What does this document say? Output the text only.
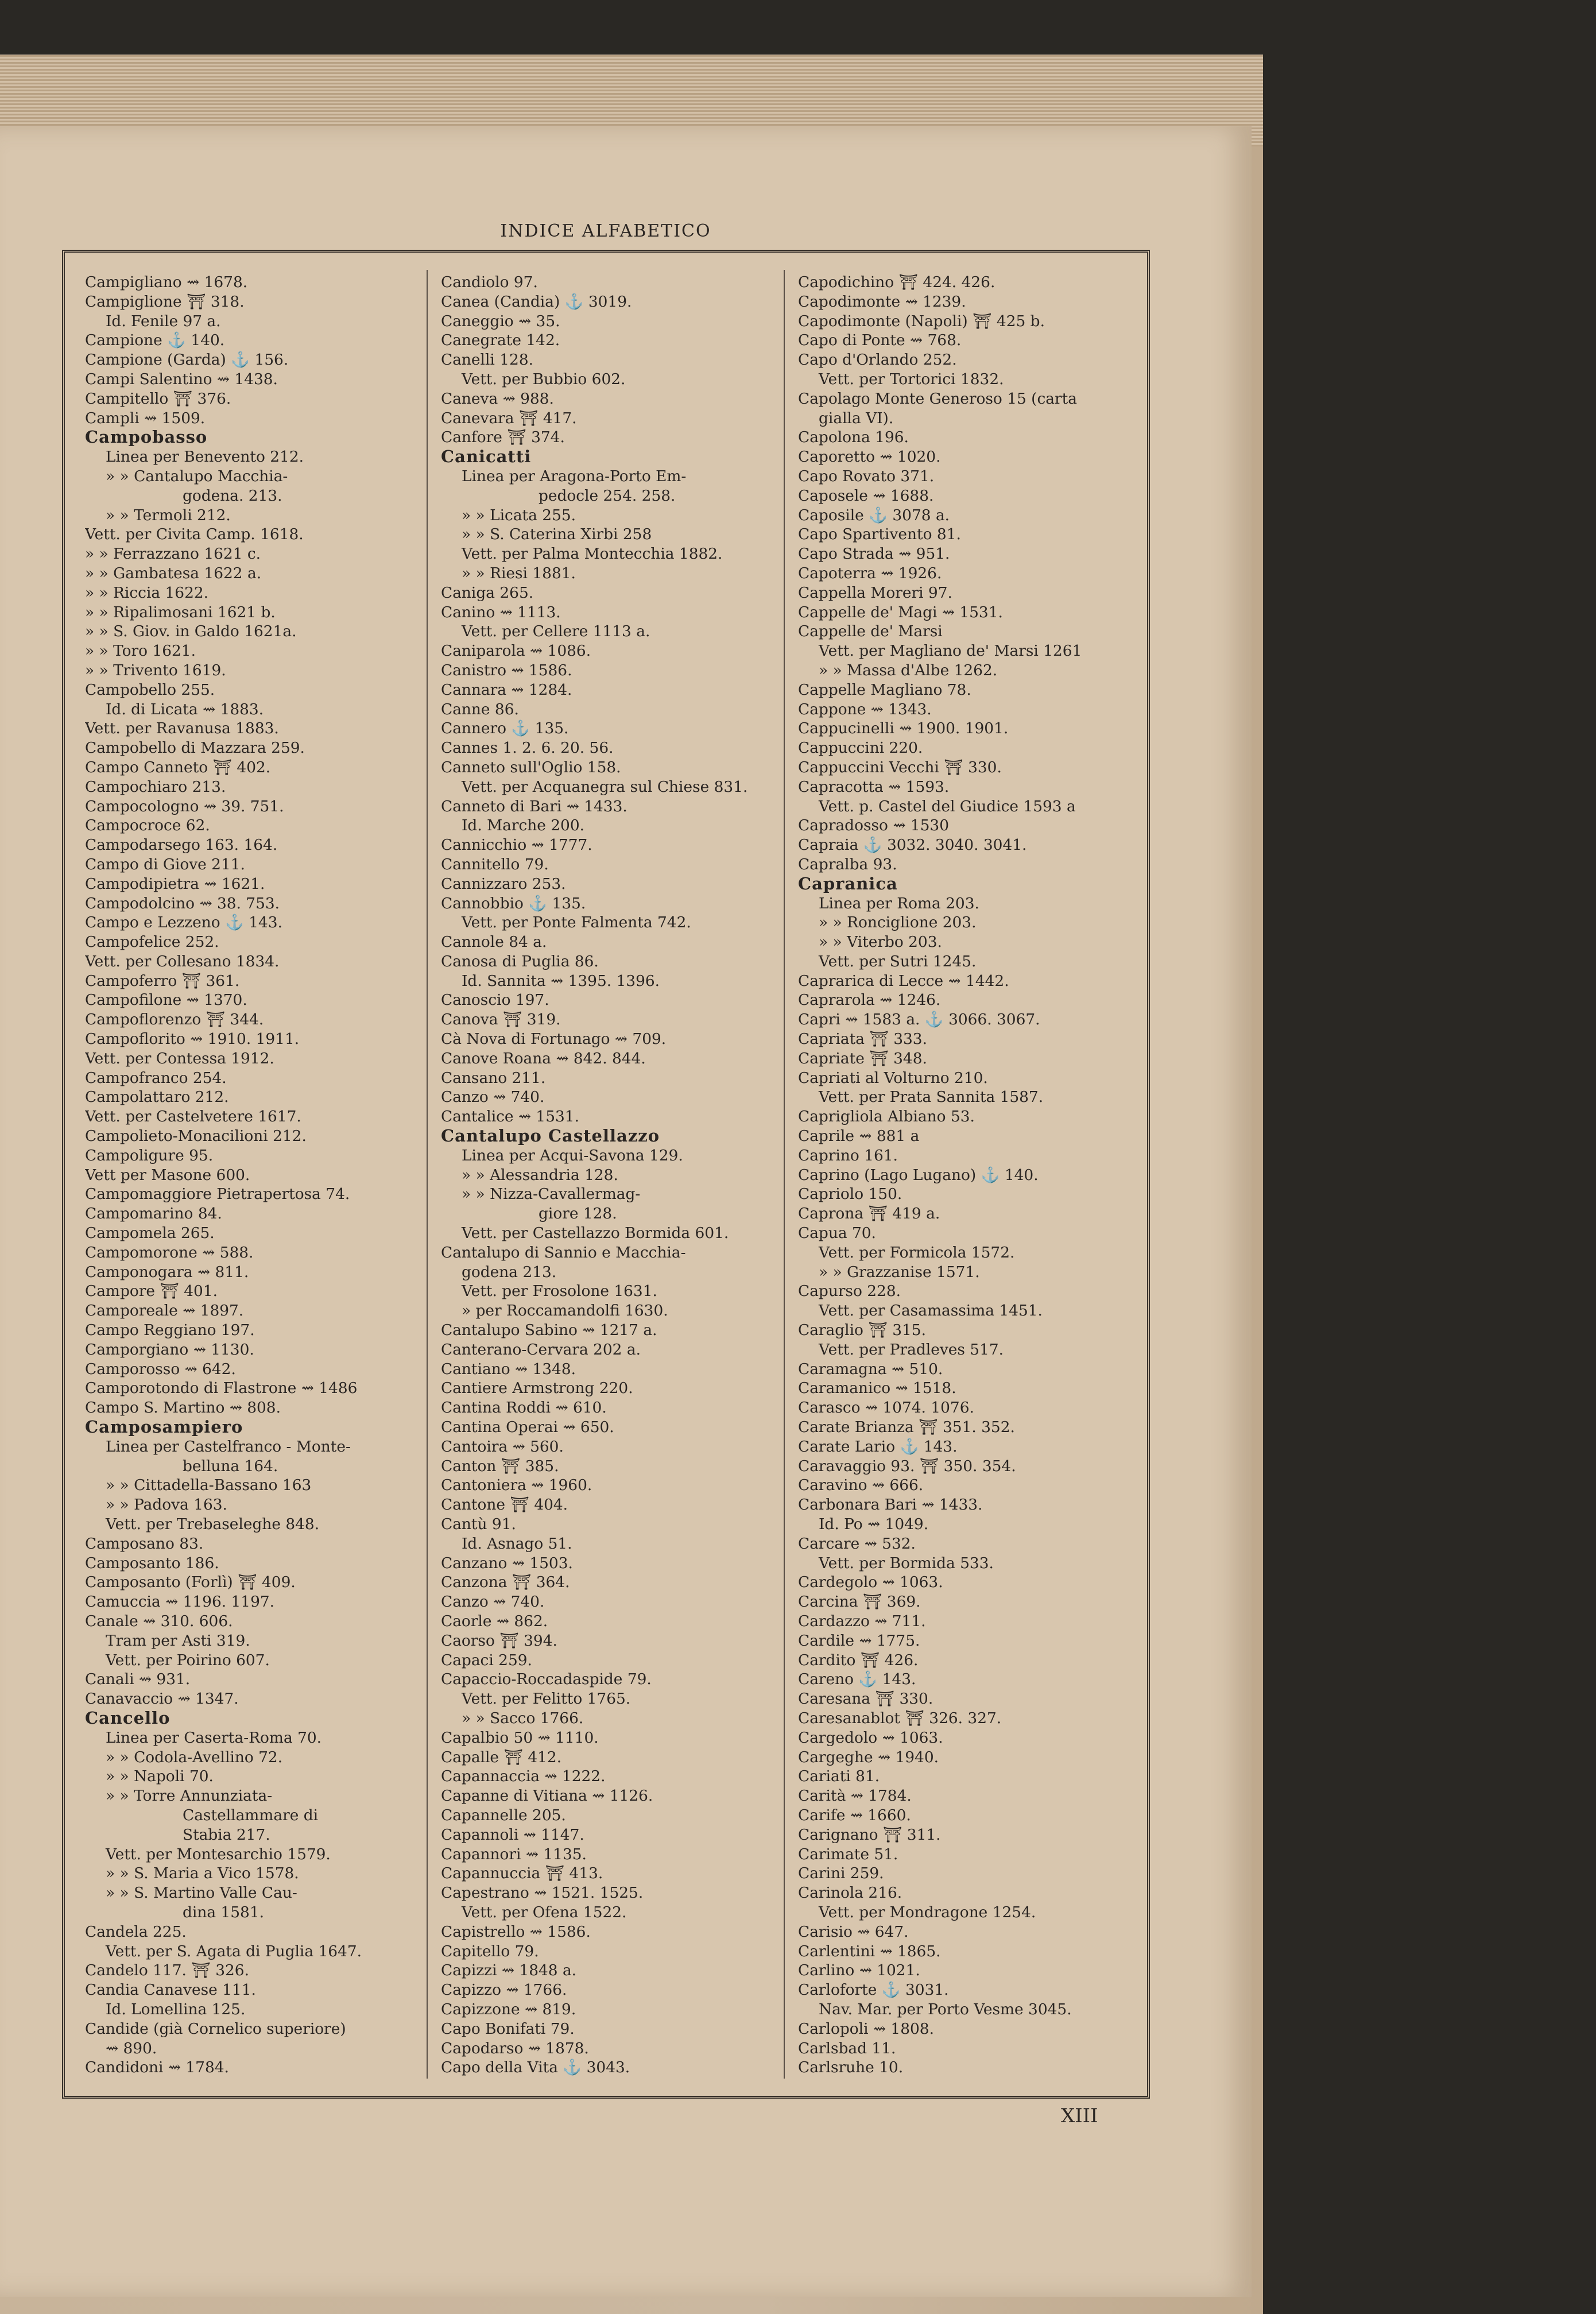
INDICE ALFABETICO
Campigliano ⇝ 1678.
Campiglione ⛩ 318.
Id. Fenile 97 a.
Campione ⚓ 140.
Campione (Garda) ⚓ 156.
Campi Salentino ⇝ 1438.
Campitello ⛩ 376.
Campli ⇝ 1509.
Campobasso
Linea per Benevento 212.
» » Cantalupo Macchia-
godena. 213.
» » Termoli 212.
Vett. per Civita Camp. 1618.
» » Ferrazzano 1621 c.
» » Gambatesa 1622 a.
» » Riccia 1622.
» » Ripalimosani 1621 b.
» » S. Giov. in Galdo 1621a.
» » Toro 1621.
» » Trivento 1619.
Campobello 255.
Id. di Licata ⇝ 1883.
Vett. per Ravanusa 1883.
Campobello di Mazzara 259.
Campo Canneto ⛩ 402.
Campochiaro 213.
Campocologno ⇝ 39. 751.
Campocroce 62.
Campodarsego 163. 164.
Campo di Giove 211.
Campodipietra ⇝ 1621.
Campodolcino ⇝ 38. 753.
Campo e Lezzeno ⚓ 143.
Campofelice 252.
Vett. per Collesano 1834.
Campoferro ⛩ 361.
Campofilone ⇝ 1370.
Campoflorenzo ⛩ 344.
Campoflorito ⇝ 1910. 1911.
Vett. per Contessa 1912.
Campofranco 254.
Campolattaro 212.
Vett. per Castelvetere 1617.
Campolieto-Monacilioni 212.
Campoligure 95.
Vett per Masone 600.
Campomaggiore Pietrapertosa 74.
Campomarino 84.
Campomela 265.
Campomorone ⇝ 588.
Camponogara ⇝ 811.
Campore ⛩ 401.
Camporeale ⇝ 1897.
Campo Reggiano 197.
Camporgiano ⇝ 1130.
Camporosso ⇝ 642.
Camporotondo di Flastrone ⇝ 1486
Campo S. Martino ⇝ 808.
Camposampiero
Linea per Castelfranco - Monte-
belluna 164.
» » Cittadella-Bassano 163
» » Padova 163.
Vett. per Trebaseleghe 848.
Camposano 83.
Camposanto 186.
Camposanto (Forlì) ⛩ 409.
Camuccia ⇝ 1196. 1197.
Canale ⇝ 310. 606.
Tram per Asti 319.
Vett. per Poirino 607.
Canali ⇝ 931.
Canavaccio ⇝ 1347.
Cancello
Linea per Caserta-Roma 70.
» » Codola-Avellino 72.
» » Napoli 70.
» » Torre Annunziata-
Castellammare di
Stabia 217.
Vett. per Montesarchio 1579.
» » S. Maria a Vico 1578.
» » S. Martino Valle Cau-
dina 1581.
Candela 225.
Vett. per S. Agata di Puglia 1647.
Candelo 117. ⛩ 326.
Candia Canavese 111.
Id. Lomellina 125.
Candide (già Cornelico superiore)
⇝ 890.
Candidoni ⇝ 1784.
Candiolo 97.
Canea (Candia) ⚓ 3019.
Caneggio ⇝ 35.
Canegrate 142.
Canelli 128.
Vett. per Bubbio 602.
Caneva ⇝ 988.
Canevara ⛩ 417.
Canfore ⛩ 374.
Canicatti
Linea per Aragona-Porto Em-
pedocle 254. 258.
» » Licata 255.
» » S. Caterina Xirbi 258
Vett. per Palma Montecchia 1882.
» » Riesi 1881.
Caniga 265.
Canino ⇝ 1113.
Vett. per Cellere 1113 a.
Caniparola ⇝ 1086.
Canistro ⇝ 1586.
Cannara ⇝ 1284.
Canne 86.
Cannero ⚓ 135.
Cannes 1. 2. 6. 20. 56.
Canneto sull'Oglio 158.
Vett. per Acquanegra sul Chiese 831.
Canneto di Bari ⇝ 1433.
Id. Marche 200.
Cannicchio ⇝ 1777.
Cannitello 79.
Cannizzaro 253.
Cannobbio ⚓ 135.
Vett. per Ponte Falmenta 742.
Cannole 84 a.
Canosa di Puglia 86.
Id. Sannita ⇝ 1395. 1396.
Canoscio 197.
Canova ⛩ 319.
Cà Nova di Fortunago ⇝ 709.
Canove Roana ⇝ 842. 844.
Cansano 211.
Canzo ⇝ 740.
Cantalice ⇝ 1531.
Cantalupo Castellazzo
Linea per Acqui-Savona 129.
» » Alessandria 128.
» » Nizza-Cavallermag-
giore 128.
Vett. per Castellazzo Bormida 601.
Cantalupo di Sannio e Macchia-
godena 213.
Vett. per Frosolone 1631.
» per Roccamandolfi 1630.
Cantalupo Sabino ⇝ 1217 a.
Canterano-Cervara 202 a.
Cantiano ⇝ 1348.
Cantiere Armstrong 220.
Cantina Roddi ⇝ 610.
Cantina Operai ⇝ 650.
Cantoira ⇝ 560.
Canton ⛩ 385.
Cantoniera ⇝ 1960.
Cantone ⛩ 404.
Cantù 91.
Id. Asnago 51.
Canzano ⇝ 1503.
Canzona ⛩ 364.
Canzo ⇝ 740.
Caorle ⇝ 862.
Caorso ⛩ 394.
Capaci 259.
Capaccio-Roccadaspide 79.
Vett. per Felitto 1765.
» » Sacco 1766.
Capalbio 50 ⇝ 1110.
Capalle ⛩ 412.
Capannaccia ⇝ 1222.
Capanne di Vitiana ⇝ 1126.
Capannelle 205.
Capannoli ⇝ 1147.
Capannori ⇝ 1135.
Capannuccia ⛩ 413.
Capestrano ⇝ 1521. 1525.
Vett. per Ofena 1522.
Capistrello ⇝ 1586.
Capitello 79.
Capizzi ⇝ 1848 a.
Capizzo ⇝ 1766.
Capizzone ⇝ 819.
Capo Bonifati 79.
Capodarso ⇝ 1878.
Capo della Vita ⚓ 3043.
Capodichino ⛩ 424. 426.
Capodimonte ⇝ 1239.
Capodimonte (Napoli) ⛩ 425 b.
Capo di Ponte ⇝ 768.
Capo d'Orlando 252.
Vett. per Tortorici 1832.
Capolago Monte Generoso 15 (carta
gialla VI).
Capolona 196.
Caporetto ⇝ 1020.
Capo Rovato 371.
Caposele ⇝ 1688.
Caposile ⚓ 3078 a.
Capo Spartivento 81.
Capo Strada ⇝ 951.
Capoterra ⇝ 1926.
Cappella Moreri 97.
Cappelle de' Magi ⇝ 1531.
Cappelle de' Marsi
Vett. per Magliano de' Marsi 1261
» » Massa d'Albe 1262.
Cappelle Magliano 78.
Cappone ⇝ 1343.
Cappucinelli ⇝ 1900. 1901.
Cappuccini 220.
Cappuccini Vecchi ⛩ 330.
Capracotta ⇝ 1593.
Vett. p. Castel del Giudice 1593 a
Capradosso ⇝ 1530
Capraia ⚓ 3032. 3040. 3041.
Capralba 93.
Capranica
Linea per Roma 203.
» » Ronciglione 203.
» » Viterbo 203.
Vett. per Sutri 1245.
Caprarica di Lecce ⇝ 1442.
Caprarola ⇝ 1246.
Capri ⇝ 1583 a. ⚓ 3066. 3067.
Capriata ⛩ 333.
Capriate ⛩ 348.
Capriati al Volturno 210.
Vett. per Prata Sannita 1587.
Caprigliola Albiano 53.
Caprile ⇝ 881 a
Caprino 161.
Caprino (Lago Lugano) ⚓ 140.
Capriolo 150.
Caprona ⛩ 419 a.
Capua 70.
Vett. per Formicola 1572.
» » Grazzanise 1571.
Capurso 228.
Vett. per Casamassima 1451.
Caraglio ⛩ 315.
Vett. per Pradleves 517.
Caramagna ⇝ 510.
Caramanico ⇝ 1518.
Carasco ⇝ 1074. 1076.
Carate Brianza ⛩ 351. 352.
Carate Lario ⚓ 143.
Caravaggio 93. ⛩ 350. 354.
Caravino ⇝ 666.
Carbonara Bari ⇝ 1433.
Id. Po ⇝ 1049.
Carcare ⇝ 532.
Vett. per Bormida 533.
Cardegolo ⇝ 1063.
Carcina ⛩ 369.
Cardazzo ⇝ 711.
Cardile ⇝ 1775.
Cardito ⛩ 426.
Careno ⚓ 143.
Caresana ⛩ 330.
Caresanablot ⛩ 326. 327.
Cargedolo ⇝ 1063.
Cargeghe ⇝ 1940.
Cariati 81.
Carità ⇝ 1784.
Carife ⇝ 1660.
Carignano ⛩ 311.
Carimate 51.
Carini 259.
Carinola 216.
Vett. per Mondragone 1254.
Carisio ⇝ 647.
Carlentini ⇝ 1865.
Carlino ⇝ 1021.
Carloforte ⚓ 3031.
Nav. Mar. per Porto Vesme 3045.
Carlopoli ⇝ 1808.
Carlsbad 11.
Carlsruhe 10.
XIII
